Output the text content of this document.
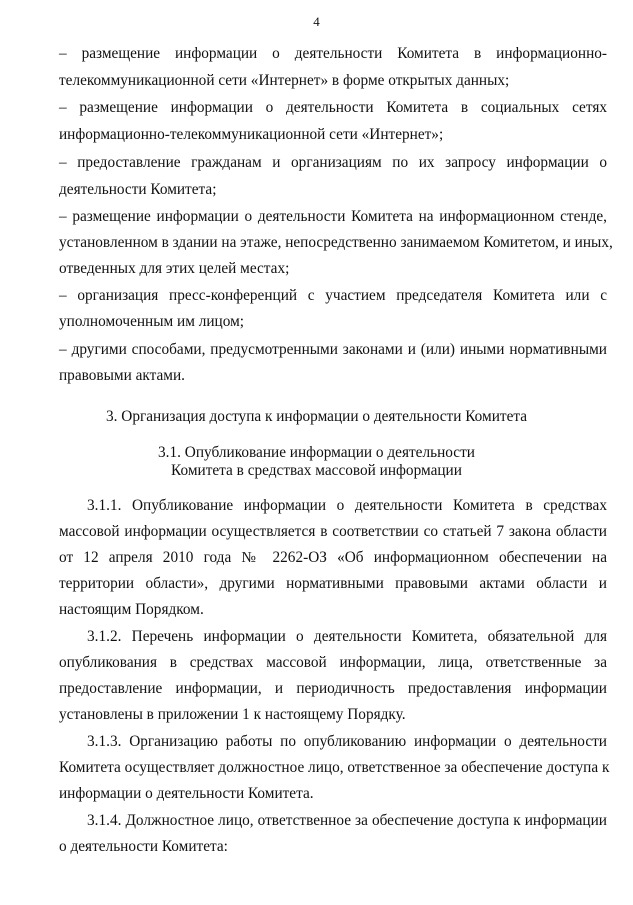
4
– размещение информации о деятельности Комитета в информационно-
телекоммуникационной сети «Интернет» в форме открытых данных;
– размещение информации о деятельности Комитета в социальных сетях
информационно-телекоммуникационной сети «Интернет»;
– предоставление гражданам и организациям по их запросу информации о
деятельности Комитета;
– размещение информации о деятельности Комитета на информационном стенде,
установленном в здании на этаже, непосредственно занимаемом Комитетом, и иных,
отведенных для этих целей местах;
– организация пресс-конференций с участием председателя Комитета или с
уполномоченным им лицом;
– другими способами, предусмотренными законами и (или) иными нормативными
правовыми актами.
3. Организация доступа к информации о деятельности Комитета
3.1. Опубликование информации о деятельности
Комитета в средствах массовой информации
3.1.1. Опубликование информации о деятельности Комитета в средствах
массовой информации осуществляется в соответствии со статьей 7 закона области
от 12 апреля 2010 года № 2262-ОЗ «Об информационном обеспечении на
территории области», другими нормативными правовыми актами области и
настоящим Порядком.
3.1.2. Перечень информации о деятельности Комитета, обязательной для
опубликования в средствах массовой информации, лица, ответственные за
предоставление информации, и периодичность предоставления информации
установлены в приложении 1 к настоящему Порядку.
3.1.3. Организацию работы по опубликованию информации о деятельности
Комитета осуществляет должностное лицо, ответственное за обеспечение доступа к
информации о деятельности Комитета.
3.1.4. Должностное лицо, ответственное за обеспечение доступа к информации
о деятельности Комитета:
